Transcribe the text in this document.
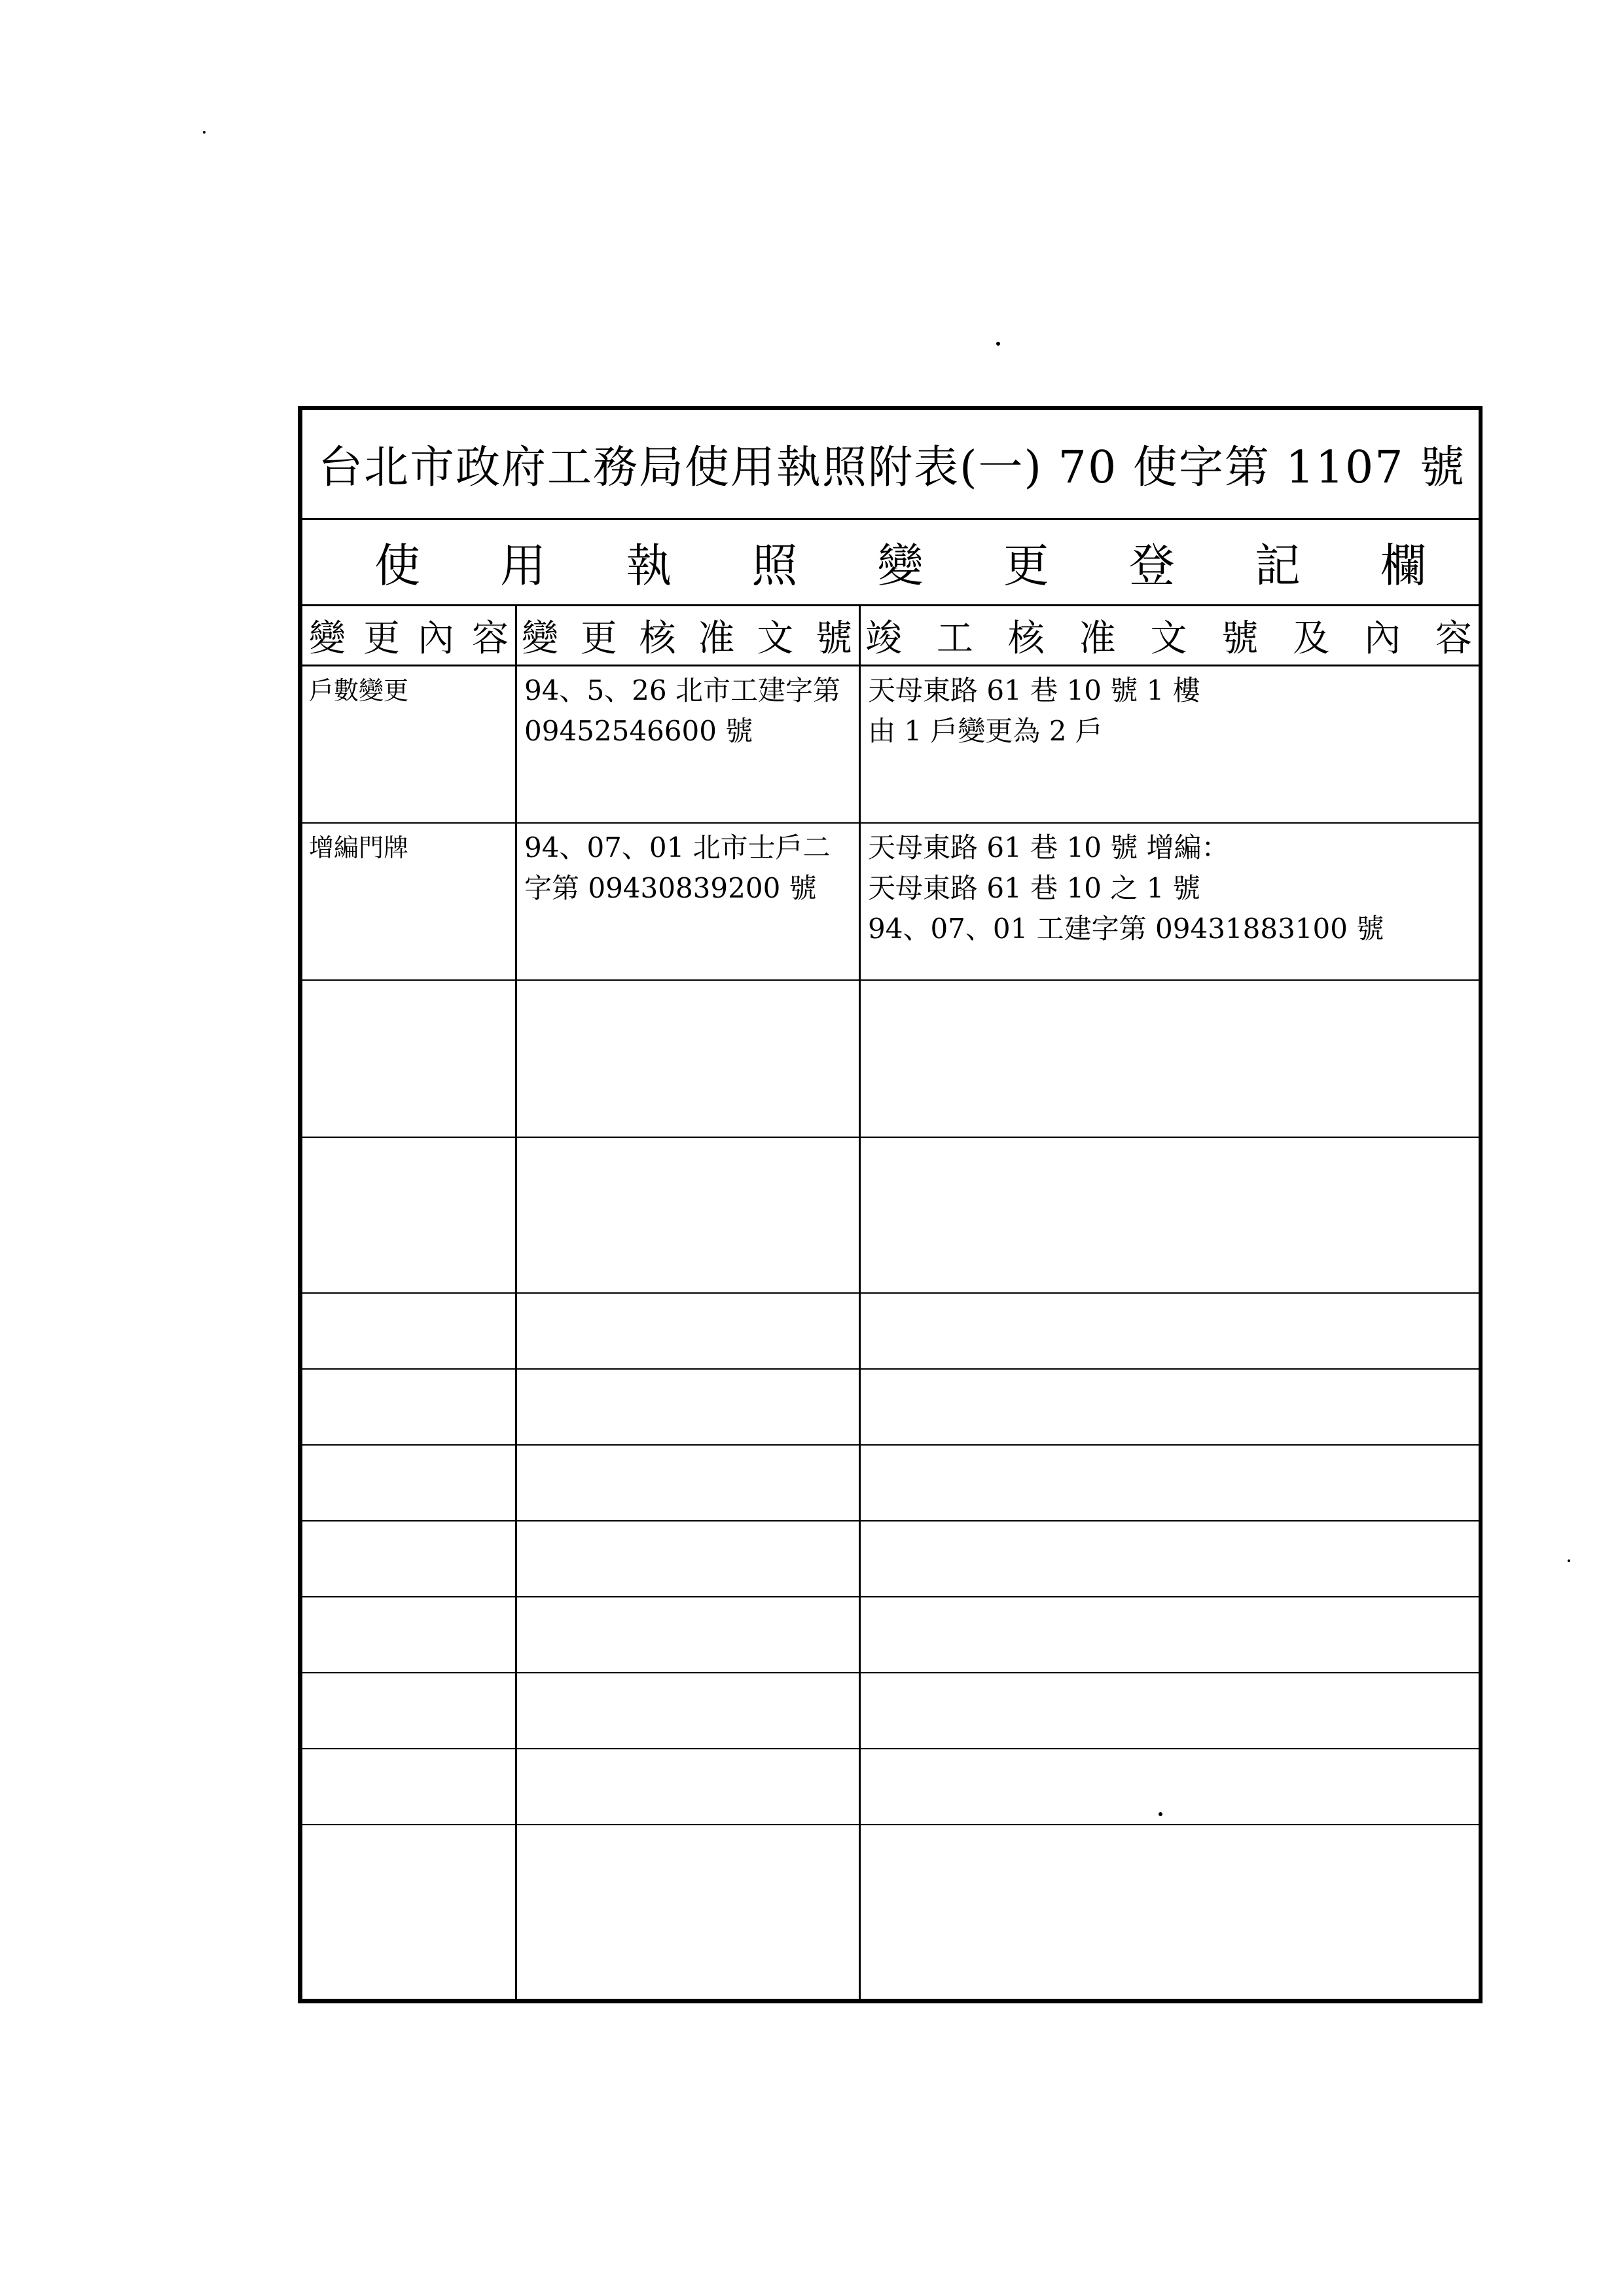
台北市政府工務局使用執照附表(一) 70 使字第 1107 號
使 用 執 照 變 更 登 記 欄
變 更 內 容 變 更 核 准 文 號 竣 工 核 准 文 號 及 內 容
戶數變更	94、5、26 北市工建字第
09452546600 號
天母東路 61 巷 10 號 1 樓
由 1 戶變更為 2 戶
增編門牌	94、07、01 北市士戶二
字第 09430839200 號
天母東路 61 巷 10 號 增編：
天母東路 61 巷 10 之 1 號
94、07、01 工建字第 09431883100 號
